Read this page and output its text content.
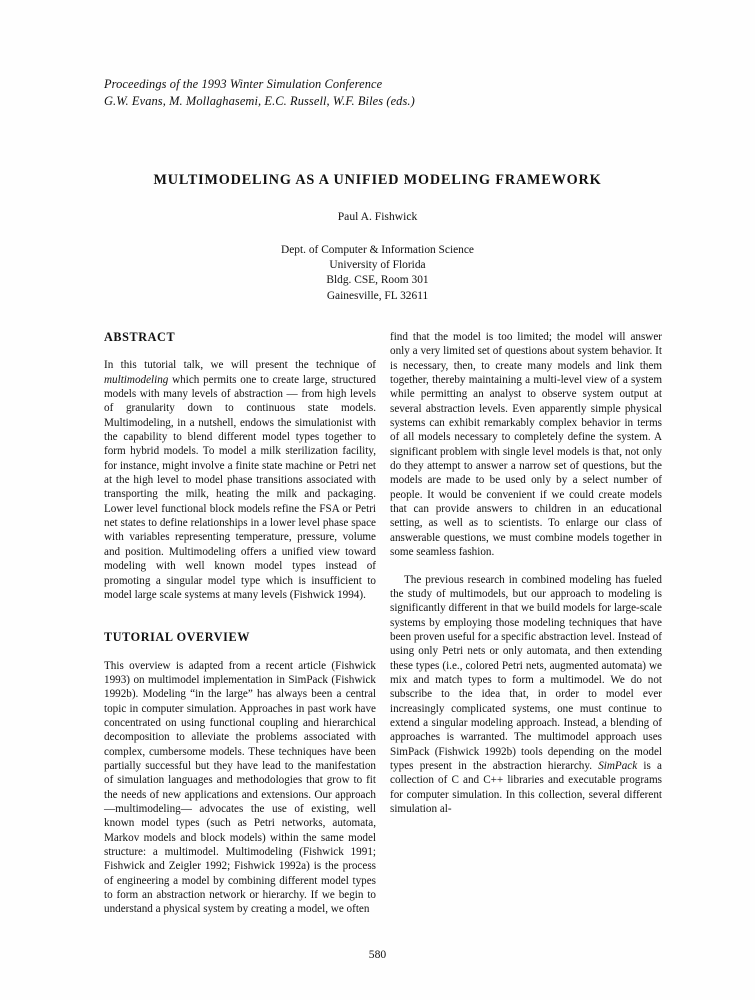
Proceedings of the 1993 Winter Simulation Conference
G.W. Evans, M. Mollaghasemi, E.C. Russell, W.F. Biles (eds.)
MULTIMODELING AS A UNIFIED MODELING FRAMEWORK
Paul A. Fishwick
Dept. of Computer & Information Science
University of Florida
Bldg. CSE, Room 301
Gainesville, FL 32611
ABSTRACT

In this tutorial talk, we will present the technique of multimodeling which permits one to create large, structured models with many levels of abstraction — from high levels of granularity down to continuous state models. Multimodeling, in a nutshell, endows the simulationist with the capability to blend different model types together to form hybrid models. To model a milk sterilization facility, for instance, might involve a finite state machine or Petri net at the high level to model phase transitions associated with transporting the milk, heating the milk and packaging. Lower level functional block models refine the FSA or Petri net states to define relationships in a lower level phase space with variables representing temperature, pressure, volume and position. Multimodeling offers a unified view toward modeling with well known model types instead of promoting a singular model type which is insufficient to model large scale systems at many levels (Fishwick 1994).

TUTORIAL OVERVIEW

This overview is adapted from a recent article (Fishwick 1993) on multimodel implementation in SimPack (Fishwick 1992b). Modeling “in the large” has always been a central topic in computer simulation. Approaches in past work have concentrated on using functional coupling and hierarchical decomposition to alleviate the problems associated with complex, cumbersome models. These techniques have been partially successful but they have lead to the manifestation of simulation languages and methodologies that grow to fit the needs of new applications and extensions. Our approach —multimodeling— advocates the use of existing, well known model types (such as Petri networks, automata, Markov models and block models) within the same model structure: a multimodel. Multimodeling (Fishwick 1991; Fishwick and Zeigler 1992; Fishwick 1992a) is the process of engineering a model by combining different model types to form an abstraction network or hierarchy. If we begin to understand a physical system by creating a model, we often

find that the model is too limited; the model will answer only a very limited set of questions about system behavior. It is necessary, then, to create many models and link them together, thereby maintaining a multi-level view of a system while permitting an analyst to observe system output at several abstraction levels. Even apparently simple physical systems can exhibit remarkably complex behavior in terms of all models necessary to completely define the system. A significant problem with single level models is that, not only do they attempt to answer a narrow set of questions, but the models are made to be used only by a select number of people. It would be convenient if we could create models that can provide answers to children in an educational setting, as well as to scientists. To enlarge our class of answerable questions, we must combine models together in some seamless fashion.

The previous research in combined modeling has fueled the study of multimodels, but our approach to modeling is significantly different in that we build models for large-scale systems by employing those modeling techniques that have been proven useful for a specific abstraction level. Instead of using only Petri nets or only automata, and then extending these types (i.e., colored Petri nets, augmented automata) we mix and match types to form a multimodel. We do not subscribe to the idea that, in order to model ever increasingly complicated systems, one must continue to extend a singular modeling approach. Instead, a blending of approaches is warranted. The multimodel approach uses SimPack (Fishwick 1992b) tools depending on the model types present in the abstraction hierarchy. SimPack is a collection of C and C++ libraries and executable programs for computer simulation. In this collection, several different simulation al-

580
